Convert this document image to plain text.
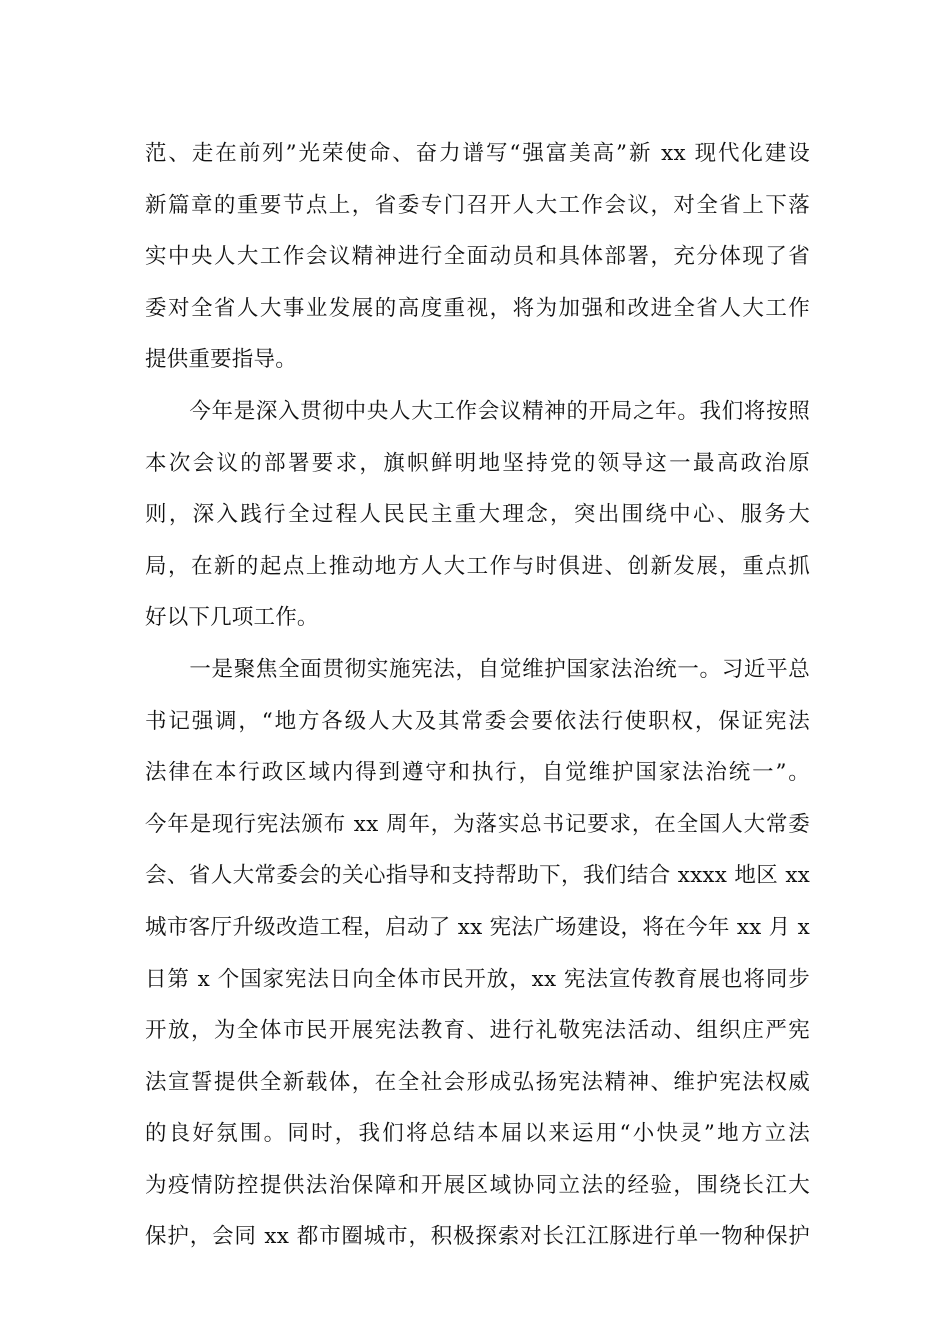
范、走在前列”光荣使命、奋力谱写“强富美高”新 xx 现代化建设
新篇章的重要节点上，省委专门召开人大工作会议，对全省上下落
实中央人大工作会议精神进行全面动员和具体部署，充分体现了省
委对全省人大事业发展的高度重视，将为加强和改进全省人大工作
提供重要指导。
　　今年是深入贯彻中央人大工作会议精神的开局之年。我们将按照
本次会议的部署要求，旗帜鲜明地坚持党的领导这一最高政治原
则，深入践行全过程人民民主重大理念，突出围绕中心、服务大
局，在新的起点上推动地方人大工作与时俱进、创新发展，重点抓
好以下几项工作。
　　一是聚焦全面贯彻实施宪法，自觉维护国家法治统一。习近平总
书记强调，“地方各级人大及其常委会要依法行使职权，保证宪法
法律在本行政区域内得到遵守和执行，自觉维护国家法治统一”。
今年是现行宪法颁布 xx 周年，为落实总书记要求，在全国人大常委
会、省人大常委会的关心指导和支持帮助下，我们结合 xxxx 地区 xx
城市客厅升级改造工程，启动了 xx 宪法广场建设，将在今年 xx 月 x
日第 x 个国家宪法日向全体市民开放，xx 宪法宣传教育展也将同步
开放，为全体市民开展宪法教育、进行礼敬宪法活动、组织庄严宪
法宣誓提供全新载体，在全社会形成弘扬宪法精神、维护宪法权威
的良好氛围。同时，我们将总结本届以来运用“小快灵”地方立法
为疫情防控提供法治保障和开展区域协同立法的经验，围绕长江大
保护，会同 xx 都市圈城市，积极探索对长江江豚进行单一物种保护
